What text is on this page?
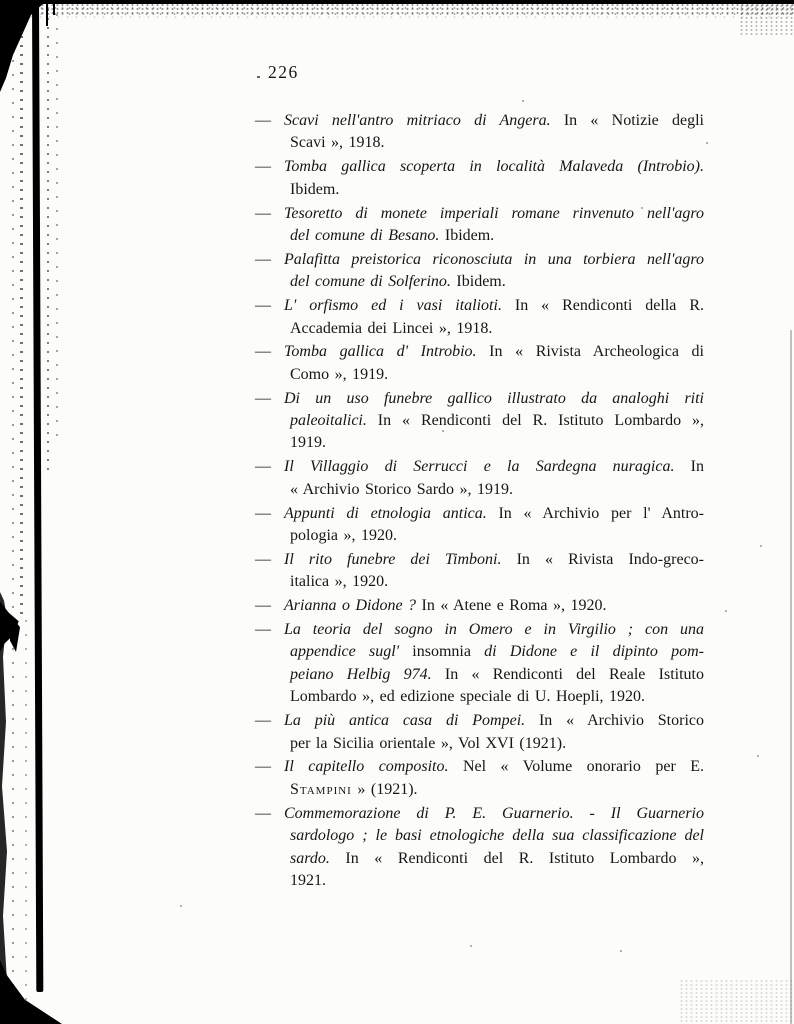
226
— Scavi nell'antro mitriaco di Angera. In « Notizie degli
Scavi », 1918.
— Tomba gallica scoperta in località Malaveda (Introbio).
Ibidem.
— Tesoretto di monete imperiali romane rinvenuto nell'agro
del comune di Besano. Ibidem.
— Palafitta preistorica riconosciuta in una torbiera nell'agro
del comune di Solferino. Ibidem.
— L' orfismo ed i vasi italioti. In « Rendiconti della R.
Accademia dei Lincei », 1918.
— Tomba gallica d' Introbio. In « Rivista Archeologica di
Como », 1919.
— Di un uso funebre gallico illustrato da analoghi riti
paleoitalici. In « Rendiconti del R. Istituto Lombardo »,
1919.
— Il Villaggio di Serrucci e la Sardegna nuragica. In
« Archivio Storico Sardo », 1919.
— Appunti di etnologia antica. In « Archivio per l' Antro-
pologia », 1920.
— Il rito funebre dei Timboni. In « Rivista Indo-greco-
italica », 1920.
— Arianna o Didone ? In « Atene e Roma », 1920.
— La teoria del sogno in Omero e in Virgilio ; con una
appendice sugl' insomnia di Didone e il dipinto pom-
peiano Helbig 974. In « Rendiconti del Reale Istituto
Lombardo », ed edizione speciale di U. Hoepli, 1920.
— La più antica casa di Pompei. In « Archivio Storico
per la Sicilia orientale », Vol XVI (1921).
— Il capitello composito. Nel « Volume onorario per E.
Stampini » (1921).
— Commemorazione di P. E. Guarnerio. - Il Guarnerio
sardologo ; le basi etnologiche della sua classificazione del
sardo. In « Rendiconti del R. Istituto Lombardo »,
1921.
